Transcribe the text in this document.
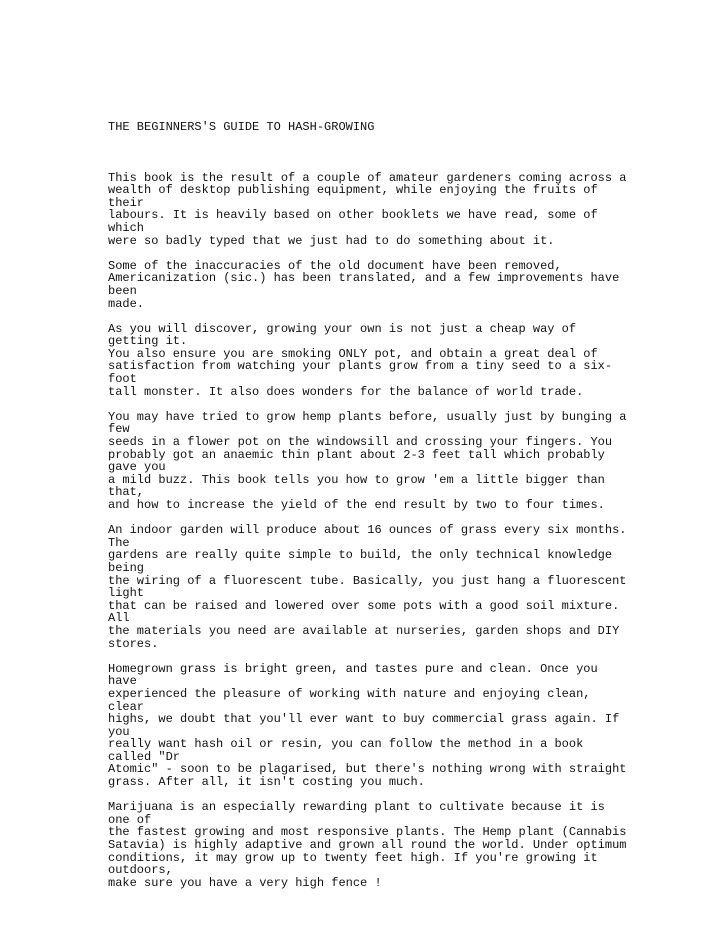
THE BEGINNERS'S GUIDE TO HASH-GROWING

This book is the result of a couple of amateur gardeners coming across a
wealth of desktop publishing equipment, while enjoying the fruits of
their
labours. It is heavily based on other booklets we have read, some of
which
were so badly typed that we just had to do something about it.
Some of the inaccuracies of the old document have been removed,
Americanization (sic.) has been translated, and a few improvements have
been
made.
As you will discover, growing your own is not just a cheap way of
getting it.
You also ensure you are smoking ONLY pot, and obtain a great deal of
satisfaction from watching your plants grow from a tiny seed to a six-
foot
tall monster. It also does wonders for the balance of world trade.
You may have tried to grow hemp plants before, usually just by bunging a
few
seeds in a flower pot on the windowsill and crossing your fingers. You
probably got an anaemic thin plant about 2-3 feet tall which probably
gave you
a mild buzz. This book tells you how to grow 'em a little bigger than
that,
and how to increase the yield of the end result by two to four times.
An indoor garden will produce about 16 ounces of grass every six months.
The
gardens are really quite simple to build, the only technical knowledge
being
the wiring of a fluorescent tube. Basically, you just hang a fluorescent
light
that can be raised and lowered over some pots with a good soil mixture.
All
the materials you need are available at nurseries, garden shops and DIY
stores.
Homegrown grass is bright green, and tastes pure and clean. Once you
have
experienced the pleasure of working with nature and enjoying clean,
clear
highs, we doubt that you'll ever want to buy commercial grass again. If
you
really want hash oil or resin, you can follow the method in a book
called "Dr
Atomic" - soon to be plagarised, but there's nothing wrong with straight
grass. After all, it isn't costing you much.
Marijuana is an especially rewarding plant to cultivate because it is
one of
the fastest growing and most responsive plants. The Hemp plant (Cannabis
Satavia) is highly adaptive and grown all round the world. Under optimum
conditions, it may grow up to twenty feet high. If you're growing it
outdoors,
make sure you have a very high fence !
